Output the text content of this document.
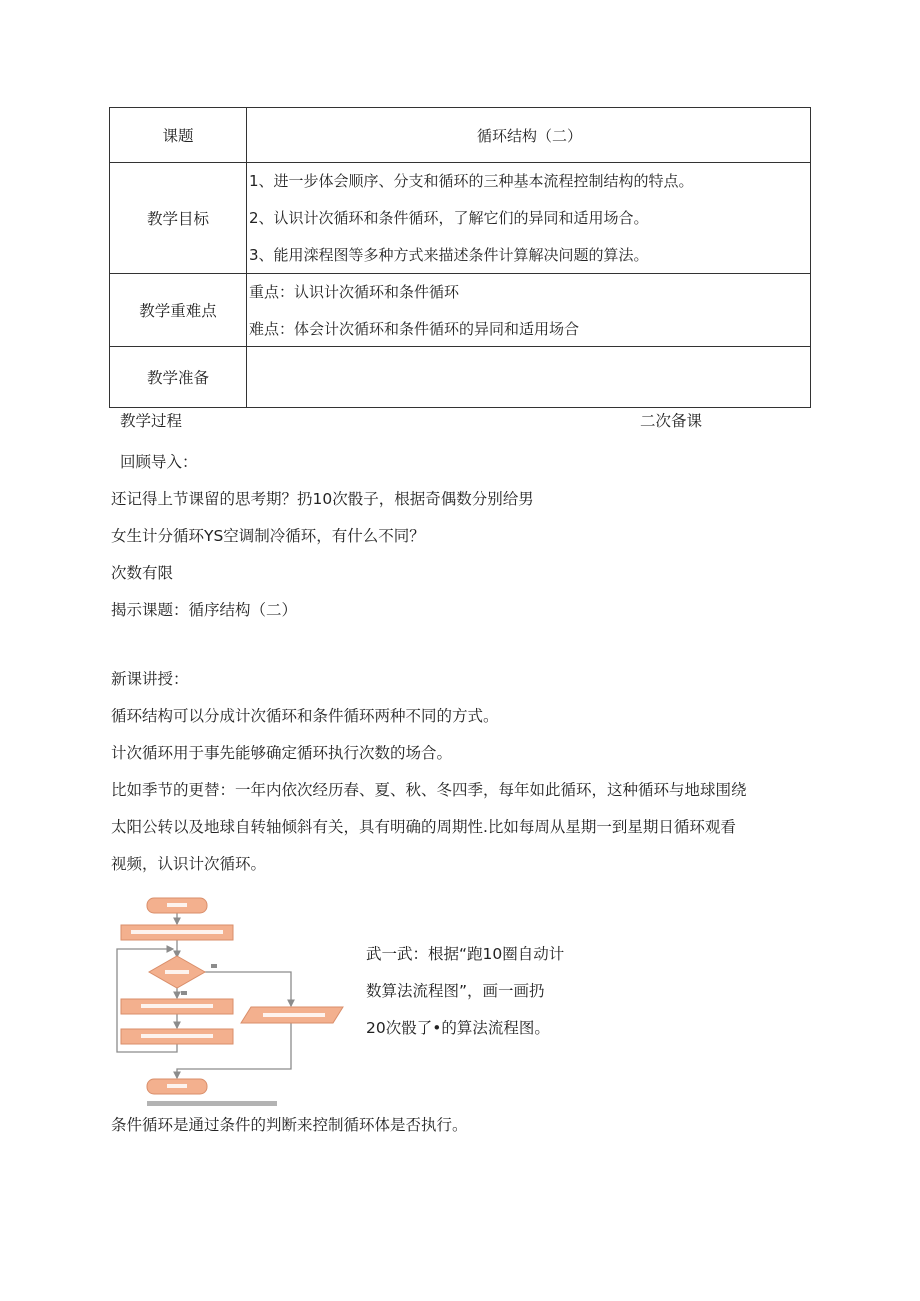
课题	循环结构（二）
教学目标	1、进一步体会顺序、分支和循环的三种基本流程控制结构的特点。
2、认识计次循环和条件循环，了解它们的异同和适用场合。
3、能用滦程图等多种方式来描述条件计算解决问题的算法。

教学重难点	重点：认识计次循环和条件循环
难点：体会计次循环和条件循环的异同和适用场合

教学准备	
教学过程	二次备课
回顾导入：
还记得上节课留的思考期？扔10次骰子，根据奇偶数分别给男
女生计分循环YS空调制冷循环，有什么不同？
次数有限
揭示课题：循序结构（二）
新课讲授：
循环结构可以分成计次循环和条件循环两种不同的方式。
计次循环用于事先能够确定循环执行次数的场合。
比如季节的更替：一年内依次经历春、夏、秋、冬四季，每年如此循环，这种循环与地球围绕
太阳公转以及地球自转轴倾斜有关，具有明确的周期性.比如每周从星期一到星期日循环观看
视频，认识计次循环。
武一武：根据“跑10圈自动计
数算法流程图”，画一画扔
20次骰了•的算法流程图。
条件循环是通过条件的判断来控制循环体是否执行。
